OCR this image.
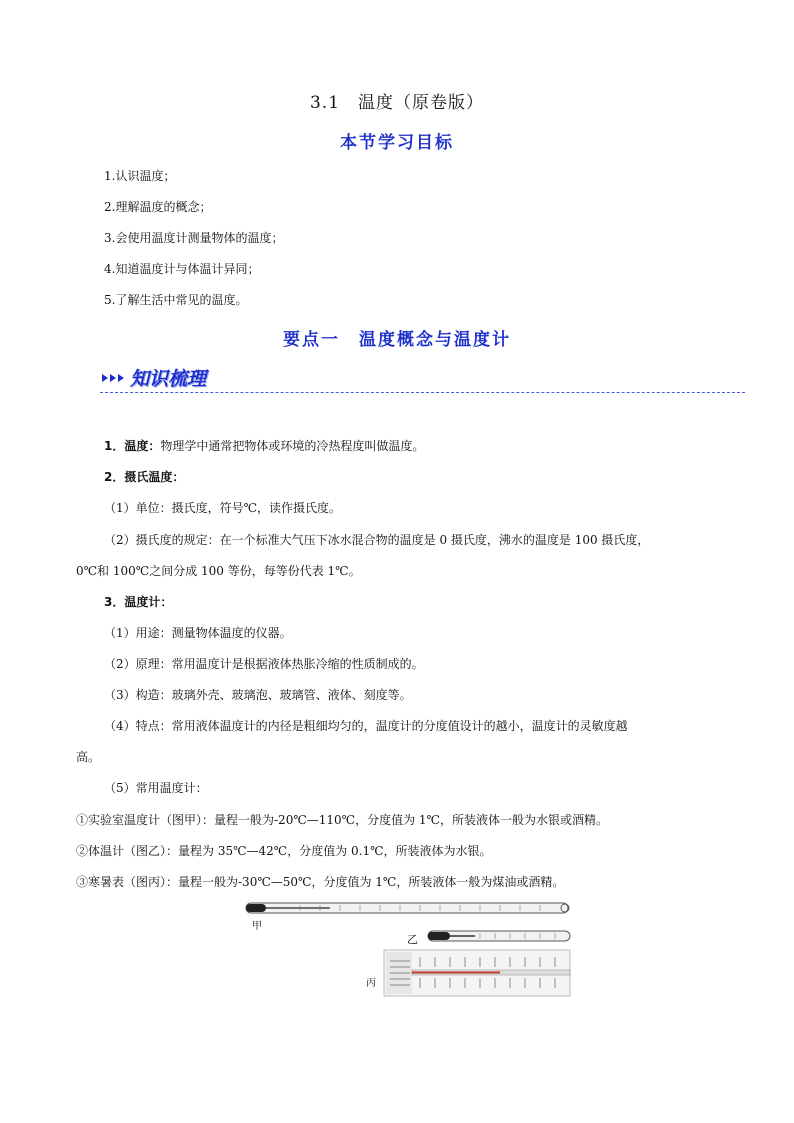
3.1　温度（原卷版）
本节学习目标
1.认识温度；
2.理解温度的概念；
3.会使用温度计测量物体的温度；
4.知道温度计与体温计异同；
5.了解生活中常见的温度。
要点一　温度概念与温度计
知识梳理
1．温度：物理学中通常把物体或环境的冷热程度叫做温度。
2．摄氏温度：
（1）单位：摄氏度，符号℃，读作摄氏度。
（2）摄氏度的规定：在一个标准大气压下冰水混合物的温度是 0 摄氏度，沸水的温度是 100 摄氏度，
0℃和 100℃之间分成 100 等份，每等份代表 1℃。
3．温度计：
（1）用途：测量物体温度的仪器。
（2）原理：常用温度计是根据液体热胀冷缩的性质制成的。
（3）构造：玻璃外壳、玻璃泡、玻璃管、液体、刻度等。
（4）特点：常用液体温度计的内径是粗细均匀的，温度计的分度值设计的越小，温度计的灵敏度越
高。
（5）常用温度计：
①实验室温度计（图甲）：量程一般为-20℃—110℃，分度值为 1℃，所装液体一般为水银或酒精。
②体温计（图乙）：量程为 35℃—42℃，分度值为 0.1℃，所装液体为水银。
③寒暑表（图丙）：量程一般为-30℃—50℃，分度值为 1℃，所装液体一般为煤油或酒精。
甲
乙
丙
